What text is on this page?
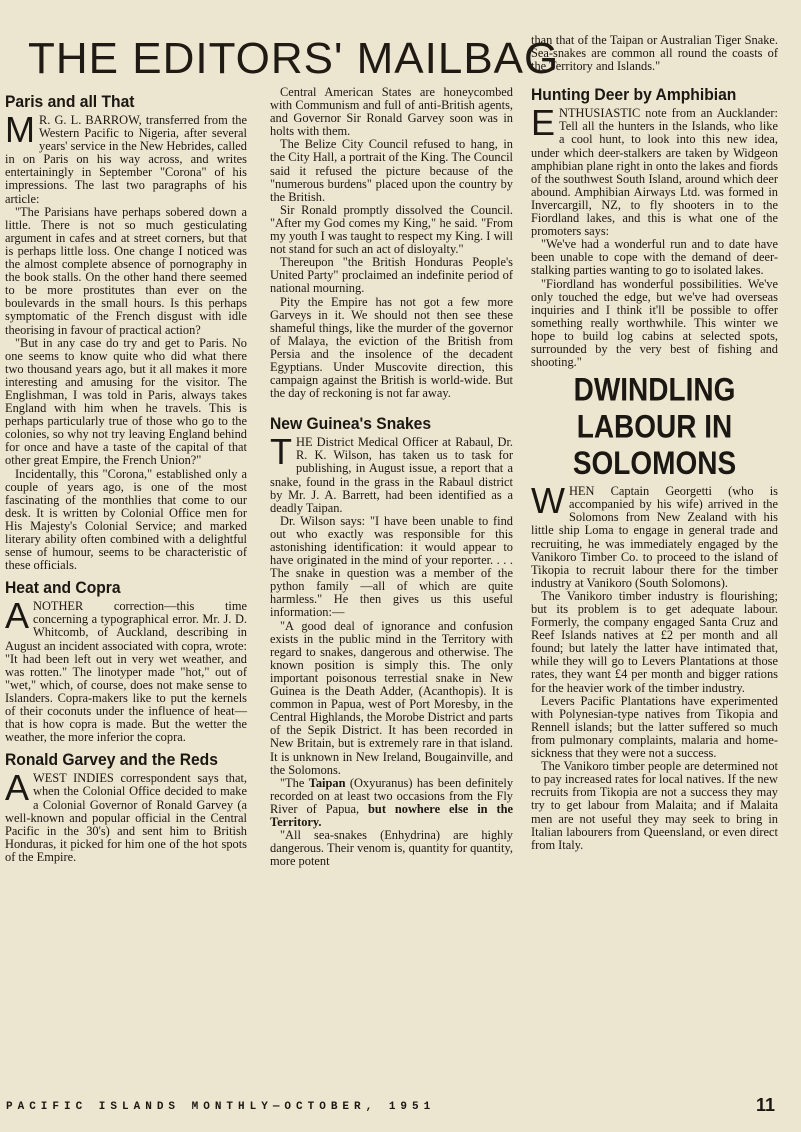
THE EDITORS' MAILBAG
Paris and all That

M R. G. L. BARROW, transferred from the Western Pacific to Nigeria, after several years' service in the New Hebrides, called in on Paris on his way across, and writes entertainingly in September "Corona" of his impressions. The last two paragraphs of his article:

"The Parisians have perhaps sobered down a little. There is not so much gesticulating argument in cafes and at street corners, but that is perhaps little loss. One change I noticed was the almost complete absence of pornography in the book stalls. On the other hand there seemed to be more prostitutes than ever on the boulevards in the small hours. Is this perhaps symptomatic of the French disgust with idle theorising in favour of practical action?

"But in any case do try and get to Paris. No one seems to know quite who did what there two thousand years ago, but it all makes it more interesting and amusing for the visitor. The Englishman, I was told in Paris, always takes England with him when he travels. This is perhaps particularly true of those who go to the colonies, so why not try leaving England behind for once and have a taste of the capital of that other great Empire, the French Union?"

Incidentally, this "Corona," established only a couple of years ago, is one of the most fascinating of the monthlies that come to our desk. It is written by Colonial Office men for His Majesty's Colonial Service; and marked literary ability often combined with a delightful sense of humour, seems to be characteristic of these officials.

Heat and Copra

ANOTHER correction—this time concerning a typographical error. Mr. J. D. Whitcomb, of Auckland, describing in August an incident associated with copra, wrote: "It had been left out in very wet weather, and was rotten." The linotyper made "hot," out of "wet," which, of course, does not make sense to Islanders. Copra-makers like to put the kernels of their coconuts under the influence of heat—that is how copra is made. But the wetter the weather, the more inferior the copra.

Ronald Garvey and the Reds

AWEST INDIES correspondent says that, when the Colonial Office decided to make a Colonial Governor of Ronald Garvey (a well-known and popular official in the Central Pacific in the 30's) and sent him to British Honduras, it picked for him one of the hot spots of the Empire.

Central American States are honeycombed with Communism and full of anti-British agents, and Governor Sir Ronald Garvey soon was in holts with them.

The Belize City Council refused to hang, in the City Hall, a portrait of the King. The Council said it refused the picture because of the "numerous burdens" placed upon the country by the British.

Sir Ronald promptly dissolved the Council. "After my God comes my King," he said. "From my youth I was taught to respect my King. I will not stand for such an act of disloyalty."

Thereupon "the British Honduras People's United Party" proclaimed an indefinite period of national mourning.

Pity the Empire has not got a few more Garveys in it. We should not then see these shameful things, like the murder of the governor of Malaya, the eviction of the British from Persia and the insolence of the decadent Egyptians. Under Muscovite direction, this campaign against the British is world-wide. But the day of reckoning is not far away.

New Guinea's Snakes

THE District Medical Officer at Rabaul, Dr. R. K. Wilson, has taken us to task for publishing, in August issue, a report that a snake, found in the grass in the Rabaul district by Mr. J. A. Barrett, had been identified as a deadly Taipan.

Dr. Wilson says: "I have been unable to find out who exactly was responsible for this astonishing identification: it would appear to have originated in the mind of your reporter. . . . The snake in question was a member of the python family —all of which are quite harmless." He then gives us this useful information:—

"A good deal of ignorance and confusion exists in the public mind in the Territory with regard to snakes, dangerous and otherwise. The known position is simply this. The only important poisonous terrestial snake in New Guinea is the Death Adder, (Acanthopis). It is common in Papua, west of Port Moresby, in the Central Highlands, the Morobe District and parts of the Sepik District. It has been recorded in New Britain, but is extremely rare in that island. It is unknown in New Ireland, Bougainville, and the Solomons.

"The Taipan (Oxyuranus) has been definitely recorded on at least two occasions from the Fly River of Papua, but nowhere else in the Territory.

"All sea-snakes (Enhydrina) are highly dangerous. Their venom is, quantity for quantity, more potent

than that of the Taipan or Australian Tiger Snake. Sea-snakes are common all round the coasts of the Territory and Islands."

Hunting Deer by Amphibian

ENTHUSIASTIC note from an Aucklander: Tell all the hunters in the Islands, who like a cool hunt, to look into this new idea, under which deer-stalkers are taken by Widgeon amphibian plane right in onto the lakes and fiords of the southwest South Island, around which deer abound. Amphibian Airways Ltd. was formed in Invercargill, NZ, to fly shooters in to the Fiordland lakes, and this is what one of the promoters says:

"We've had a wonderful run and to date have been unable to cope with the demand of deer-stalking parties wanting to go to isolated lakes.

"Fiordland has wonderful possibilities. We've only touched the edge, but we've had overseas inquiries and I think it'll be possible to offer something really worthwhile. This winter we hope to build log cabins at selected spots, surrounded by the very best of fishing and shooting."

DWINDLING LABOUR IN SOLOMONS

WHEN Captain Georgetti (who is accompanied by his wife) arrived in the Solomons from New Zealand with his little ship Loma to engage in general trade and recruiting, he was immediately engaged by the Vanikoro Timber Co. to proceed to the island of Tikopia to recruit labour there for the timber industry at Vanikoro (South Solomons).

The Vanikoro timber industry is flourishing; but its problem is to get adequate labour. Formerly, the company engaged Santa Cruz and Reef Islands natives at £2 per month and all found; but lately the latter have intimated that, while they will go to Levers Plantations at those rates, they want £4 per month and bigger rations for the heavier work of the timber industry.

Levers Pacific Plantations have experimented with Polynesian-type natives from Tikopia and Rennell islands; but the latter suffered so much from pulmonary complaints, malaria and home-sickness that they were not a success.

The Vanikoro timber people are determined not to pay increased rates for local natives. If the new recruits from Tikopia are not a success they may try to get labour from Malaita; and if Malaita men are not useful they may seek to bring in Italian labourers from Queensland, or even direct from Italy.

PACIFIC ISLANDS MONTHLY—OCTOBER, 1951	11
